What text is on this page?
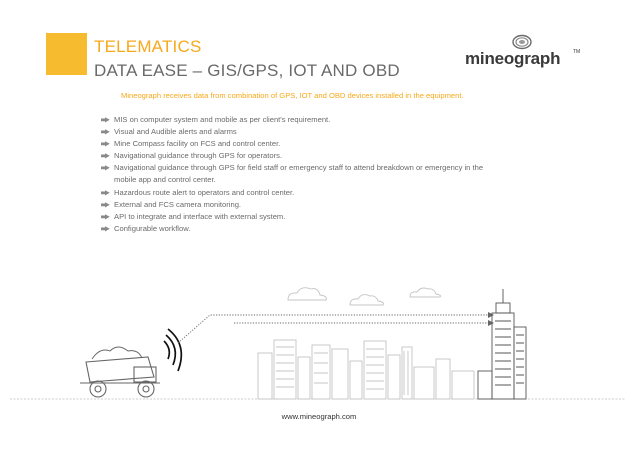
TELEMATICS
DATA EASE – GIS/GPS, IOT AND OBD
mineograph	TM
Mineograph receives data from combination of GPS, IOT and OBD devices installed in the equipment.
MIS on computer system and mobile as per client's requirement.
Visual and Audible alerts and alarms
Mine Compass facility on FCS and control center.
Navigational guidance through GPS for operators.
Navigational guidance through GPS for field staff or emergency staff to attend breakdown or emergency in the
mobile app and control center.
Hazardous route alert to operators and control center.
External and FCS camera monitoring.
API to integrate and interface with external system.
Configurable workflow.
www.mineograph.com
